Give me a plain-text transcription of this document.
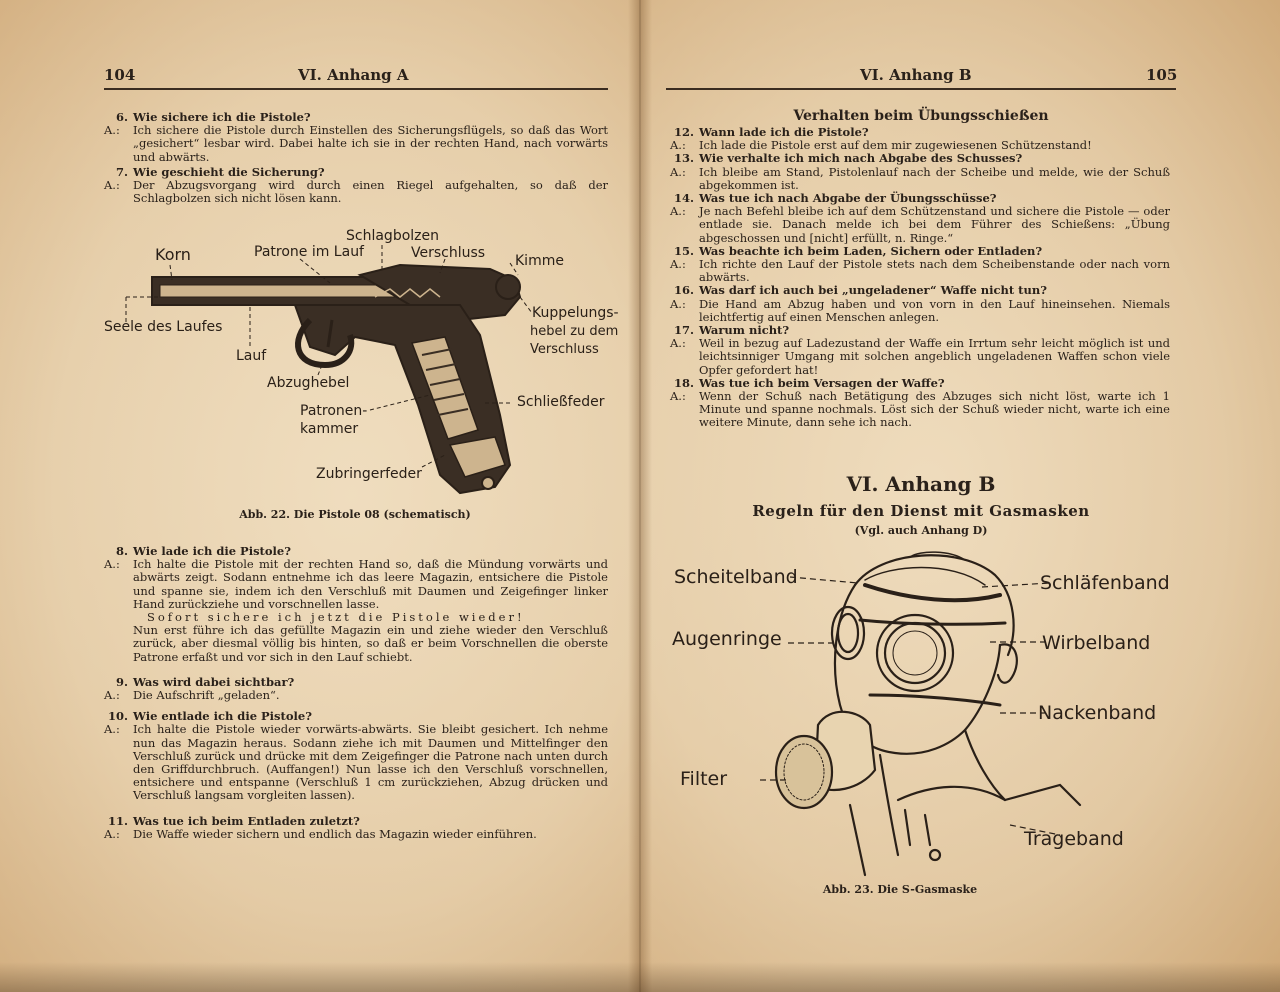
104	VI. Anhang A
6. Wie sichere ich die Pistole?
A.:	Ich sichere die Pistole durch Einstellen des Sicherungsflügels, so daß das Wort „gesichert“ lesbar wird. Dabei halte ich sie in der rechten Hand, nach vorwärts und abwärts.
7. Wie geschieht die Sicherung?
A.:	Der Abzugsvorgang wird durch einen Riegel aufgehalten, so daß der Schlagbolzen sich nicht lösen kann.
Korn	Patrone im Lauf
Schlagbolzen
Verschluss Kimme
Seele des Laufes
Kuppelungs-
hebel zu dem
Verschluss
Lauf
Abzughebel
Patronen-
kammer
Schließfeder
Zubringerfeder
Abb. 22. Die Pistole 08 (schematisch)
8. Wie lade ich die Pistole?
A.:	Ich halte die Pistole mit der rechten Hand so, daß die Mündung vorwärts und abwärts zeigt. Sodann entnehme ich das leere Magazin, entsichere die Pistole und spanne sie, indem ich den Verschluß mit Daumen und Zeigefinger linker Hand zurückziehe und vorschnellen lasse.
Sofort sichere ich jetzt die Pistole wieder!
Nun erst führe ich das gefüllte Magazin ein und ziehe wieder den Verschluß zurück, aber diesmal völlig bis hinten, so daß er beim Vorschnellen die oberste Patrone erfaßt und vor sich in den Lauf schiebt.
9. Was wird dabei sichtbar?
A.:	Die Aufschrift „geladen“.
10. Wie entlade ich die Pistole?
A.:	Ich halte die Pistole wieder vorwärts-abwärts. Sie bleibt gesichert. Ich nehme nun das Magazin heraus. Sodann ziehe ich mit Daumen und Mittelfinger den Verschluß zurück und drücke mit dem Zeigefinger die Patrone nach unten durch den Griffdurchbruch. (Auffangen!) Nun lasse ich den Verschluß vorschnellen, entsichere und entspanne (Verschluß 1 cm zurückziehen, Abzug drücken und Verschluß langsam vorgleiten lassen).
11. Was tue ich beim Entladen zuletzt?
A.:	Die Waffe wieder sichern und endlich das Magazin wieder einführen.
VI. Anhang B	105
Verhalten beim Übungsschießen
12. Wann lade ich die Pistole?
A.:	Ich lade die Pistole erst auf dem mir zugewiesenen Schützenstand!
13. Wie verhalte ich mich nach Abgabe des Schusses?
A.:	Ich bleibe am Stand, Pistolenlauf nach der Scheibe und melde, wie der Schuß abgekommen ist.
14. Was tue ich nach Abgabe der Übungsschüsse?
A.:	Je nach Befehl bleibe ich auf dem Schützenstand und sichere die Pistole — oder entlade sie. Danach melde ich bei dem Führer des Schießens: „Übung abgeschossen und [nicht] erfüllt, n. Ringe.“
15. Was beachte ich beim Laden, Sichern oder Entladen?
A.:	Ich richte den Lauf der Pistole stets nach dem Scheibenstande oder nach vorn abwärts.
16. Was darf ich auch bei „ungeladener“ Waffe nicht tun?
A.:	Die Hand am Abzug haben und von vorn in den Lauf hineinsehen. Niemals leichtfertig auf einen Menschen anlegen.
17. Warum nicht?
A.:	Weil in bezug auf Ladezustand der Waffe ein Irrtum sehr leicht möglich ist und leichtsinniger Umgang mit solchen angeblich ungeladenen Waffen schon viele Opfer gefordert hat!
18. Was tue ich beim Versagen der Waffe?
A.:	Wenn der Schuß nach Betätigung des Abzuges sich nicht löst, warte ich 1 Minute und spanne nochmals. Löst sich der Schuß wieder nicht, warte ich eine weitere Minute, dann sehe ich nach.
VI. Anhang B
Regeln für den Dienst mit Gasmasken
(Vgl. auch Anhang D)
Scheitelband	Schläfenband
Augenringe	Wirbelband
Nackenband
Filter
Trageband
Abb. 23. Die S-Gasmaske
